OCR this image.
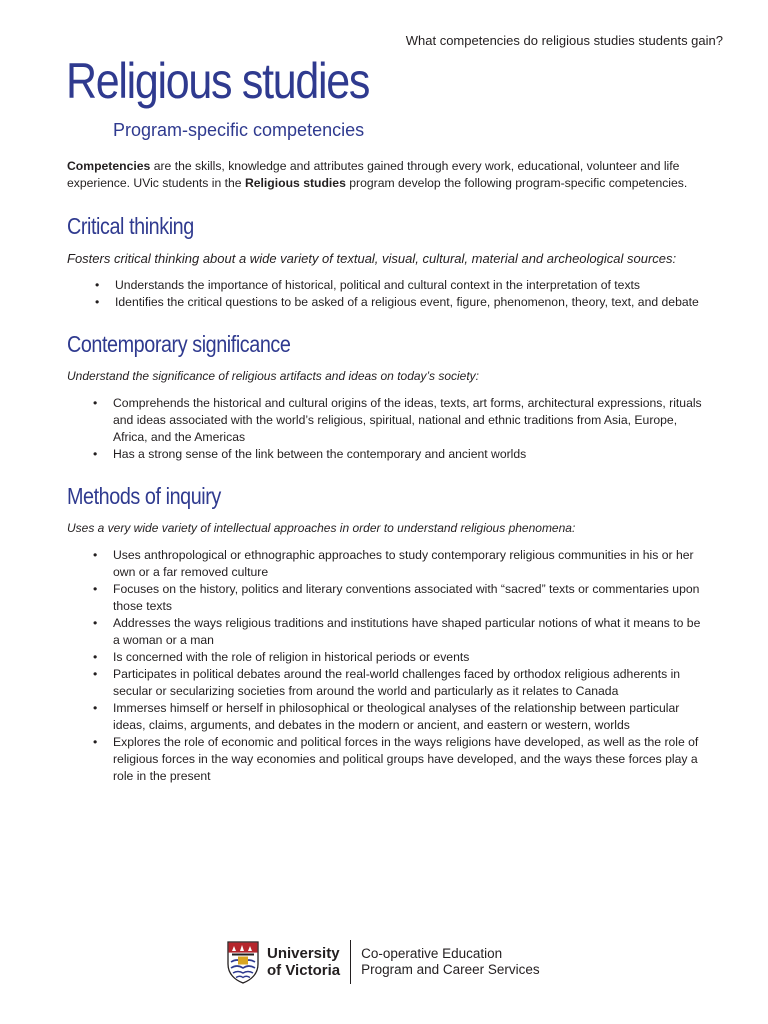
What competencies do religious studies students gain?
Religious studies
Program-specific competencies

Competencies are the skills, knowledge and attributes gained through every work, educational, volunteer and life experience. UVic students in the Religious studies program develop the following program-specific competencies.

Critical thinking

Fosters critical thinking about a wide variety of textual, visual, cultural, material and archeological sources:

• Understands the importance of historical, political and cultural context in the interpretation of texts
• Identifies the critical questions to be asked of a religious event, figure, phenomenon, theory, text, and debate
Contemporary significance

Understand the significance of religious artifacts and ideas on today’s society:

• Comprehends the historical and cultural origins of the ideas, texts, art forms, architectural expressions, rituals and ideas associated with the world’s religious, spiritual, national and ethnic traditions from Asia, Europe, Africa, and the Americas
• Has a strong sense of the link between the contemporary and ancient worlds
Methods of inquiry

Uses a very wide variety of intellectual approaches in order to understand religious phenomena:

• Uses anthropological or ethnographic approaches to study contemporary religious communities in his or her own or a far removed culture
• Focuses on the history, politics and literary conventions associated with “sacred” texts or commentaries upon those texts
• Addresses the ways religious traditions and institutions have shaped particular notions of what it means to be a woman or a man
• Is concerned with the role of religion in historical periods or events
• Participates in political debates around the real-world challenges faced by orthodox religious adherents in secular or secularizing societies from around the world and particularly as it relates to Canada
• Immerses himself or herself in philosophical or theological analyses of the relationship between particular ideas, claims, arguments, and debates in the modern or ancient, and eastern or western, worlds
• Explores the role of economic and political forces in the ways religions have developed, as well as the role of religious forces in the way economies and political groups have developed, and the ways these forces play a role in the present
University
of Victoria
Co-operative Education
Program and Career Services
